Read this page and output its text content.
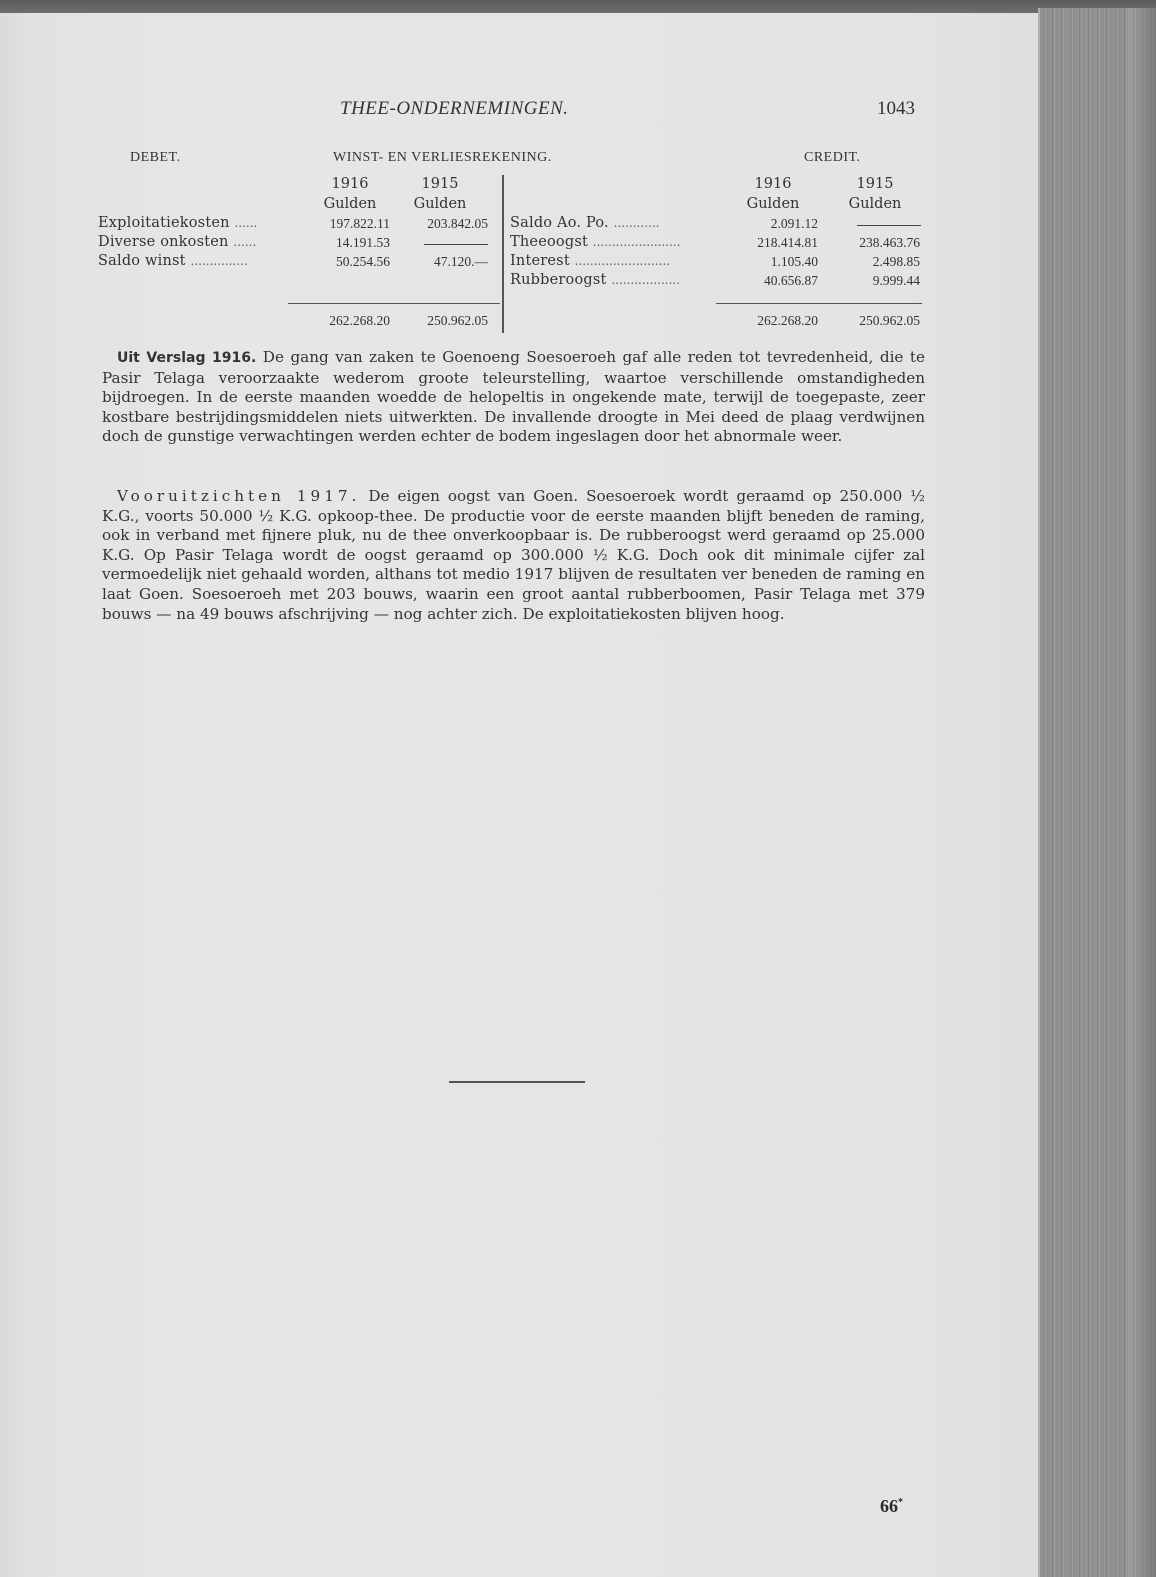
THEE-ONDERNEMINGEN.	1043
DEBET.	WINST- EN VERLIESREKENING.	CREDIT.
1916	1915
Gulden	Gulden
1916	1915
Gulden	Gulden
Exploitatiekosten ......	197.822.11	203.842.05
Diverse onkosten ......	14.191.53
Saldo winst ...............	50.254.56	47.120.—
262.268.20	250.962.05
Saldo Ao. Po. ............	2.091.12
Theeoogst .......................	218.414.81	238.463.76
Interest .........................	1.105.40	2.498.85
Rubberoogst ..................	40.656.87	9.999.44
262.268.20	250.962.05
Uit Verslag 1916. De gang van zaken te Goenoeng Soesoeroeh gaf alle reden tot tevredenheid, die te Pasir Telaga veroorzaakte wederom groote teleurstelling, waartoe verschillende omstandigheden bijdroegen. In de eerste maanden woedde de helopeltis in ongekende mate, terwijl de toegepaste, zeer kostbare bestrijdingsmiddelen niets uitwerkten. De invallende droogte in Mei deed de plaag verdwijnen doch de gunstige verwachtingen werden echter de bodem ingeslagen door het abnormale weer.
Vooruitzichten 1917. De eigen oogst van Goen. Soesoeroek wordt geraamd op 250.000 ½ K.G., voorts 50.000 ½ K.G. opkoop-thee. De productie voor de eerste maanden blijft beneden de raming, ook in verband met fijnere pluk, nu de thee onverkoopbaar is. De rubberoogst werd geraamd op 25.000 K.G. Op Pasir Telaga wordt de oogst geraamd op 300.000 ½ K.G. Doch ook dit minimale cijfer zal vermoedelijk niet gehaald worden, althans tot medio 1917 blijven de resultaten ver beneden de raming en laat Goen. Soesoeroeh met 203 bouws, waarin een groot aantal rubberboomen, Pasir Telaga met 379 bouws — na 49 bouws afschrijving — nog achter zich. De exploitatiekosten blijven hoog.
66*
